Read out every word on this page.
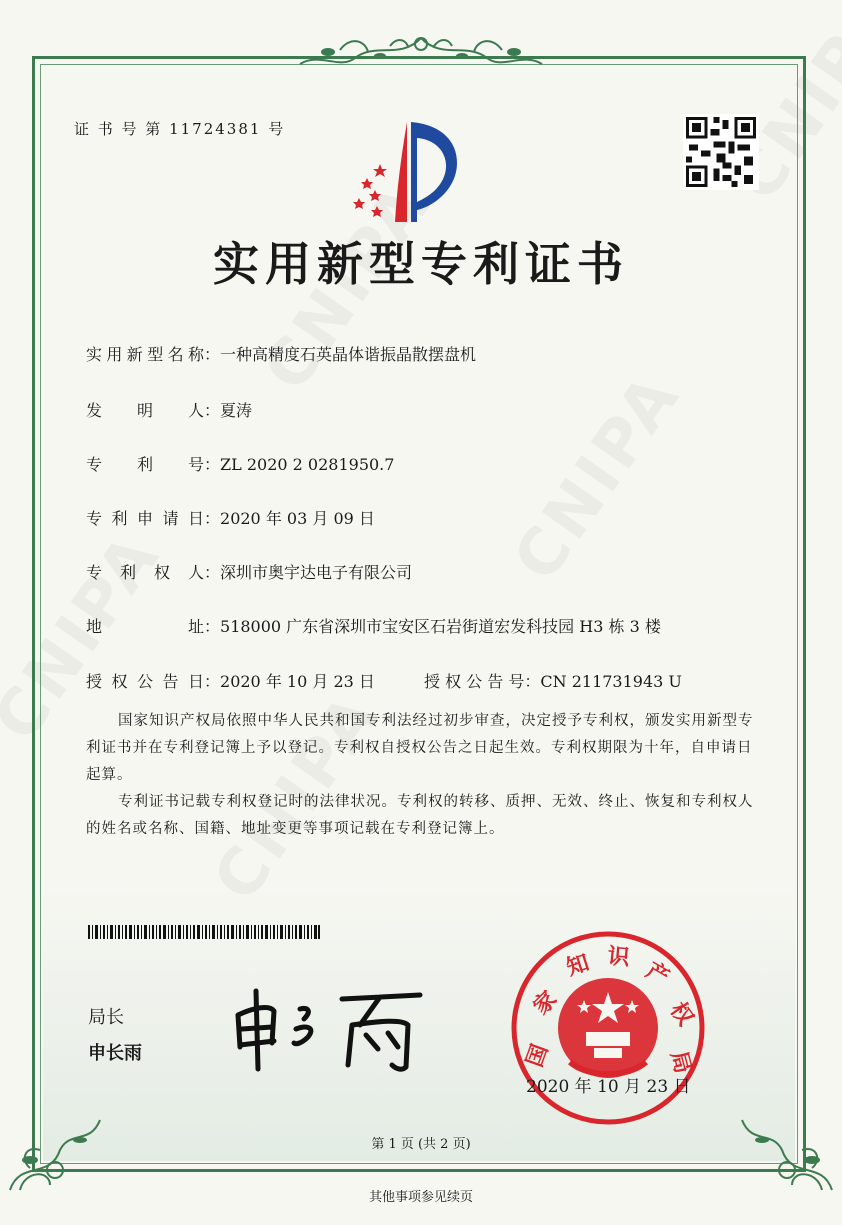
证 书 号 第 11724381 号
实用新型专利证书
实用新型名称：一种高精度石英晶体谐振晶散摆盘机
发明人：夏涛
专利号：ZL 2020 2 0281950.7
专利申请日：2020 年 03 月 09 日
专利权人：深圳市奥宇达电子有限公司
地址：518000 广东省深圳市宝安区石岩街道宏发科技园 H3 栋 3 楼
授权公告日：2020 年 10 月 23 日	授 权 公 告 号：CN 211731943 U

国家知识产权局依照中华人民共和国专利法经过初步审查，决定授予专利权，颁发实用新型专利证书并在专利登记簿上予以登记。专利权自授权公告之日起生效。专利权期限为十年，自申请日起算。

专利证书记载专利权登记时的法律状况。专利权的转移、质押、无效、终止、恢复和专利权人的姓名或名称、国籍、地址变更等事项记载在专利登记簿上。

局长
申长雨	国
家
知 识
产
权
局
2020 年 10 月 23 日
第 1 页 (共 2 页)
其他事项参见续页
